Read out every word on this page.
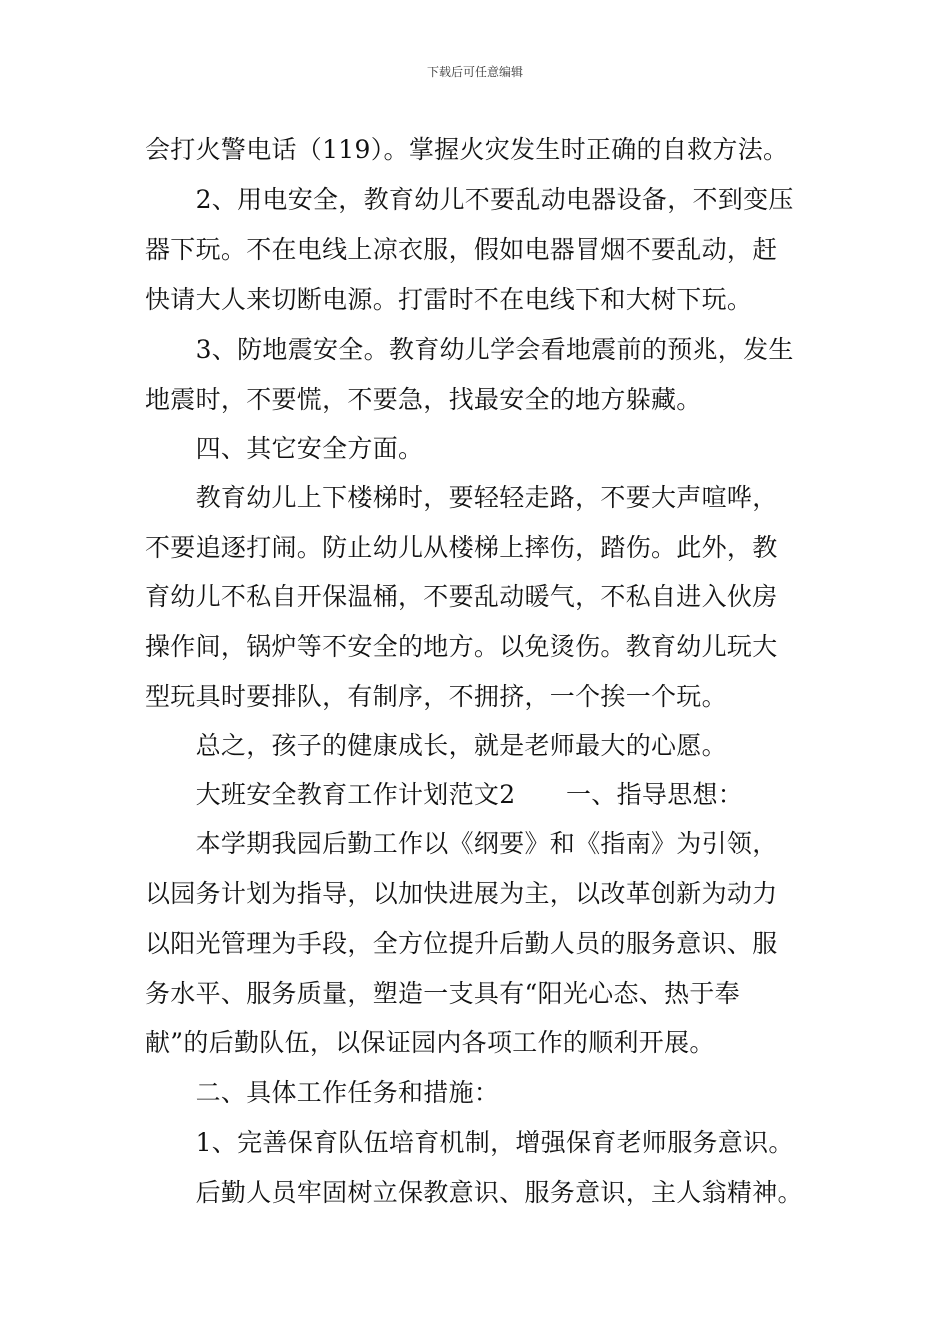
下载后可任意编辑
会打火警电话（119）。掌握火灾发生时正确的自救方法。
　　2、用电安全，教育幼儿不要乱动电器设备，不到变压
器下玩。不在电线上凉衣服，假如电器冒烟不要乱动，赶
快请大人来切断电源。打雷时不在电线下和大树下玩。
　　3、防地震安全。教育幼儿学会看地震前的预兆，发生
地震时，不要慌，不要急，找最安全的地方躲藏。
　　四、其它安全方面。
　　教育幼儿上下楼梯时，要轻轻走路，不要大声喧哗，
不要追逐打闹。防止幼儿从楼梯上摔伤，踏伤。此外，教
育幼儿不私自开保温桶，不要乱动暖气，不私自进入伙房
操作间，锅炉等不安全的地方。以免烫伤。教育幼儿玩大
型玩具时要排队，有制序，不拥挤，一个挨一个玩。
　　总之，孩子的健康成长，就是老师最大的心愿。
　　大班安全教育工作计划范文2　　一、指导思想：
　　本学期我园后勤工作以《纲要》和《指南》为引领，
以园务计划为指导，以加快进展为主，以改革创新为动力
以阳光管理为手段，全方位提升后勤人员的服务意识、服
务水平、服务质量，塑造一支具有“阳光心态、热于奉
献”的后勤队伍，以保证园内各项工作的顺利开展。
　　二、具体工作任务和措施：
　　1、完善保育队伍培育机制，增强保育老师服务意识。
　　后勤人员牢固树立保教意识、服务意识，主人翁精神。
